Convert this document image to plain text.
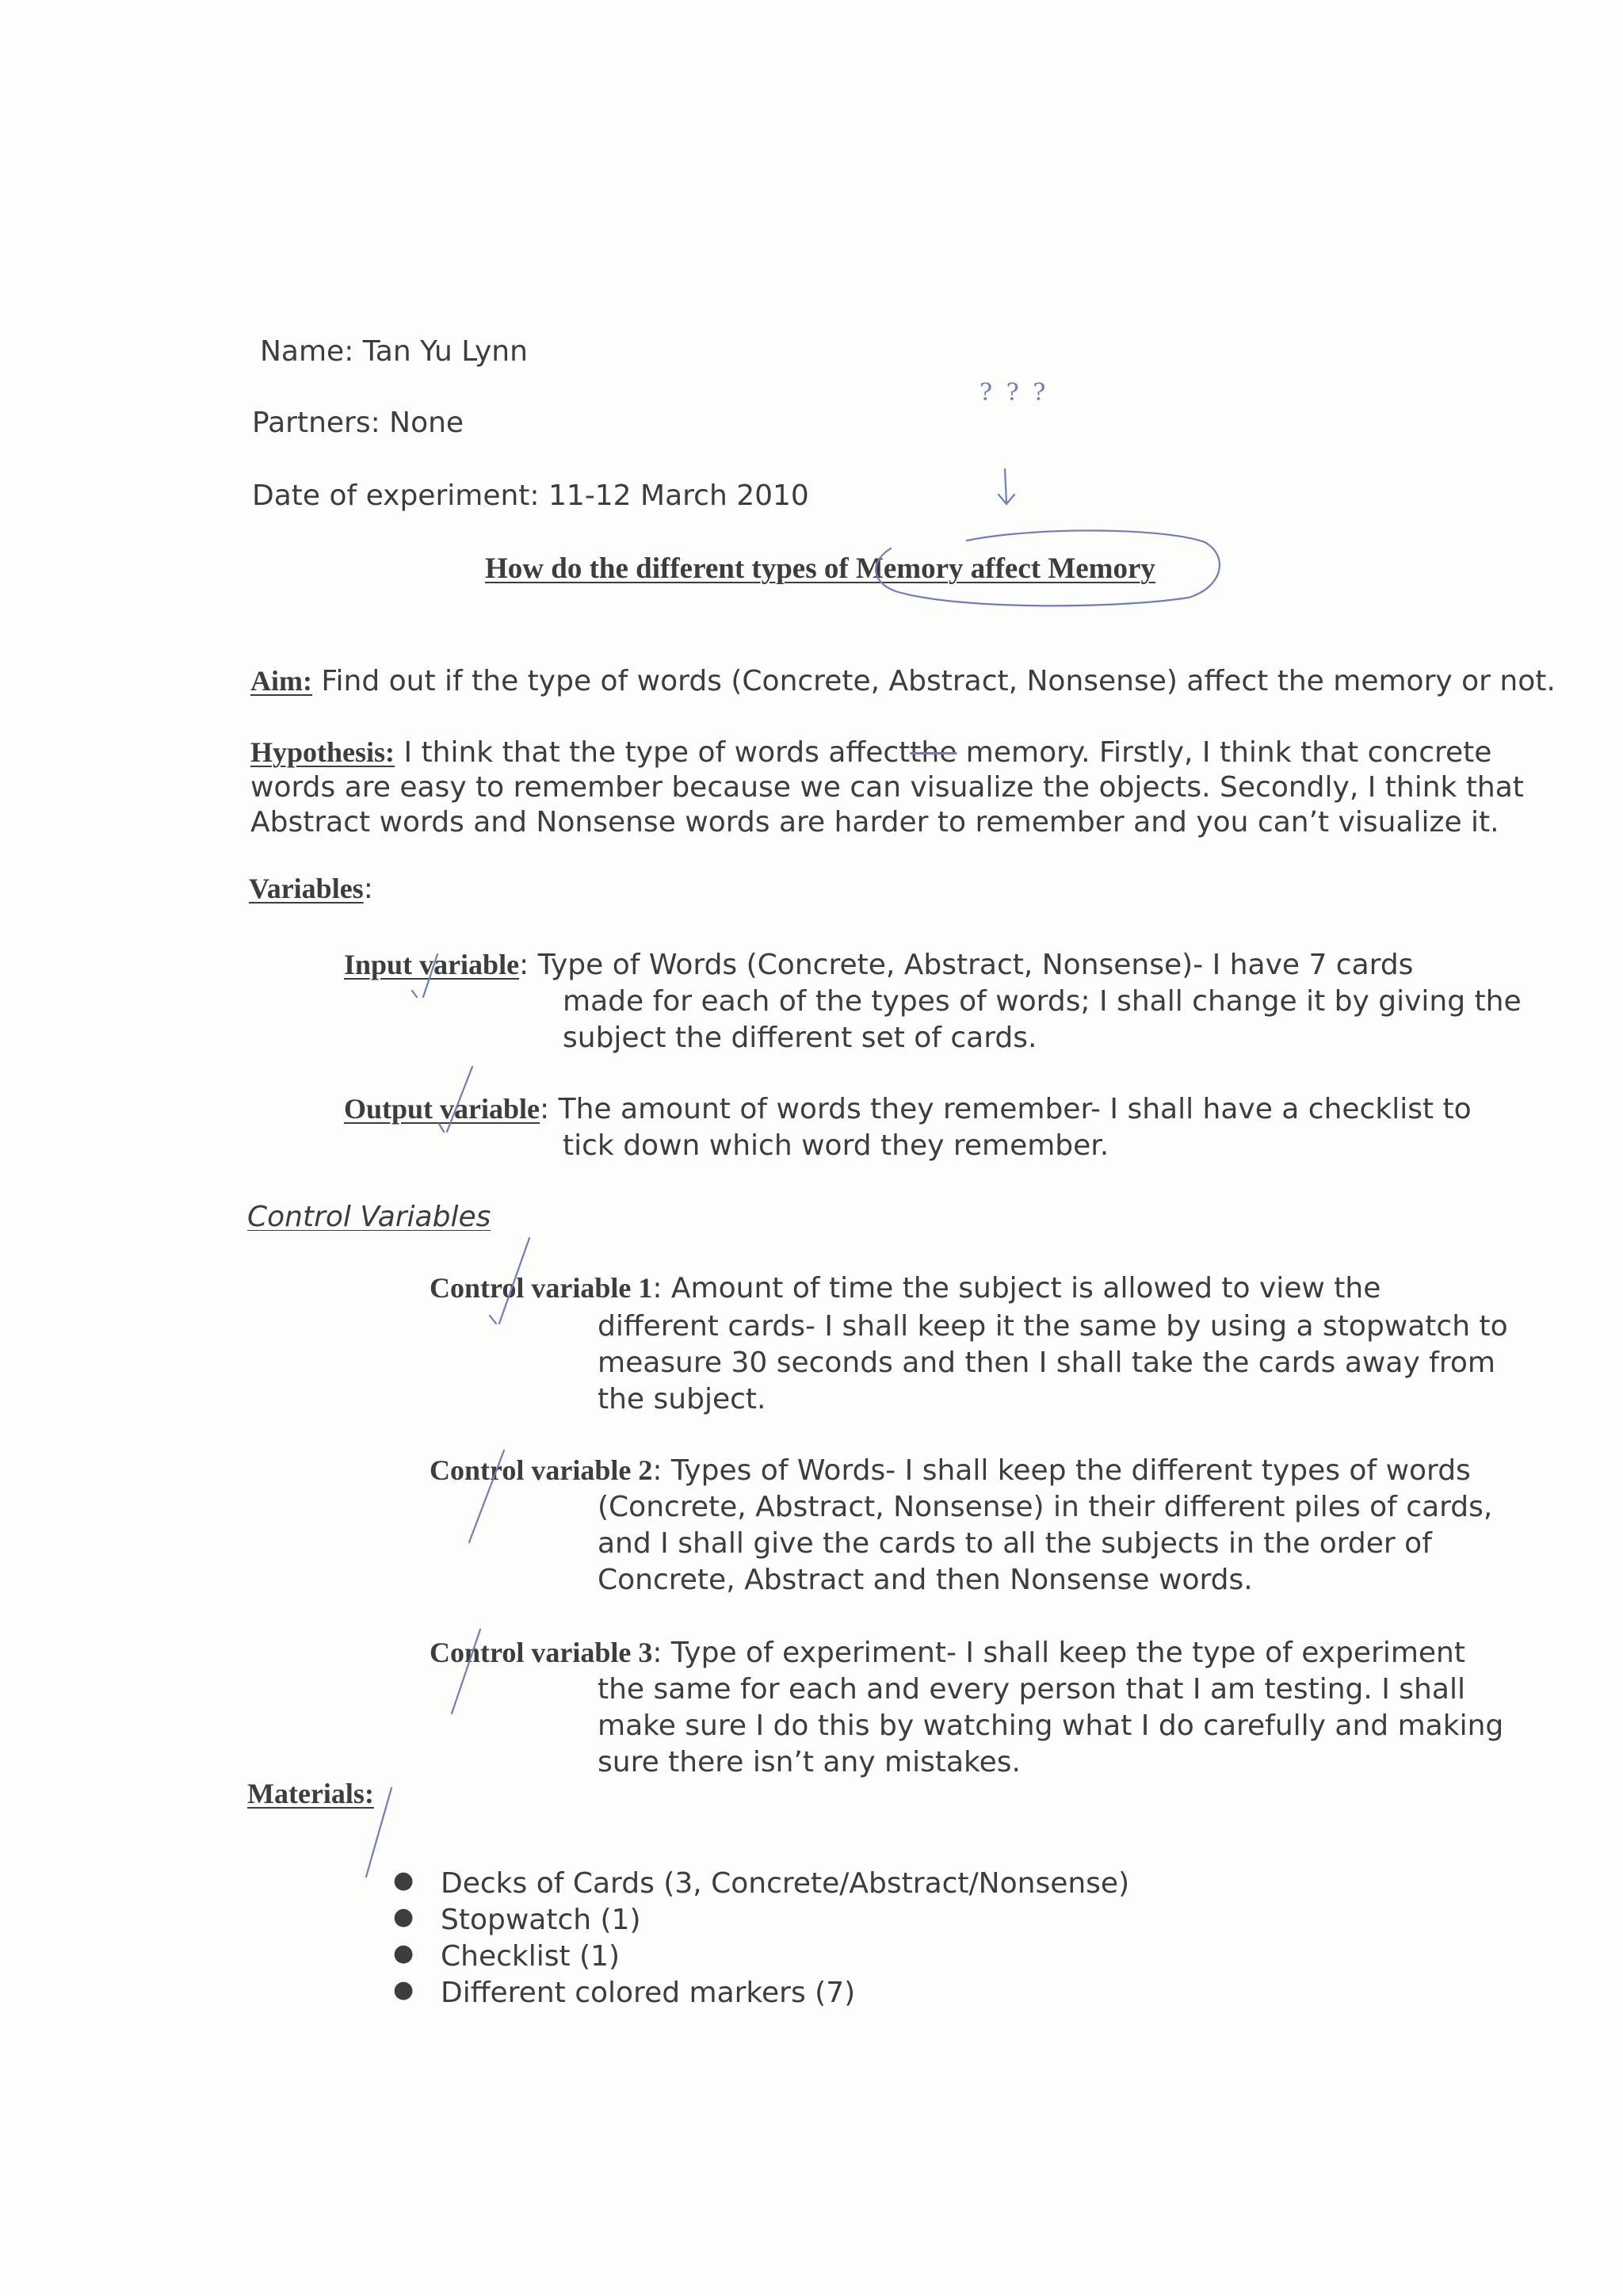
Name: Tan Yu Lynn
Partners: None
Date of experiment: 11-12 March 2010
? ? ?
How do the different types of Memory affect Memory
Aim: Find out if the type of words (Concrete, Abstract, Nonsense) affect the memory or not.
Hypothesis: I think that the type of words affectthe memory. Firstly, I think that concrete
words are easy to remember because we can visualize the objects. Secondly, I think that
Abstract words and Nonsense words are harder to remember and you can’t visualize it.
Variables:
Input variable: Type of Words (Concrete, Abstract, Nonsense)- I have 7 cards
made for each of the types of words; I shall change it by giving the
subject the different set of cards.
Output variable: The amount of words they remember- I shall have a checklist to
tick down which word they remember.
Control Variables
Control variable 1: Amount of time the subject is allowed to view the
different cards- I shall keep it the same by using a stopwatch to
measure 30 seconds and then I shall take the cards away from
the subject.
Control variable 2: Types of Words- I shall keep the different types of words
(Concrete, Abstract, Nonsense) in their different piles of cards,
and I shall give the cards to all the subjects in the order of
Concrete, Abstract and then Nonsense words.
Control variable 3: Type of experiment- I shall keep the type of experiment
the same for each and every person that I am testing. I shall
make sure I do this by watching what I do carefully and making
sure there isn’t any mistakes.
Materials:
● Decks of Cards (3, Concrete/Abstract/Nonsense)
● Stopwatch (1)
● Checklist (1)
● Different colored markers (7)
